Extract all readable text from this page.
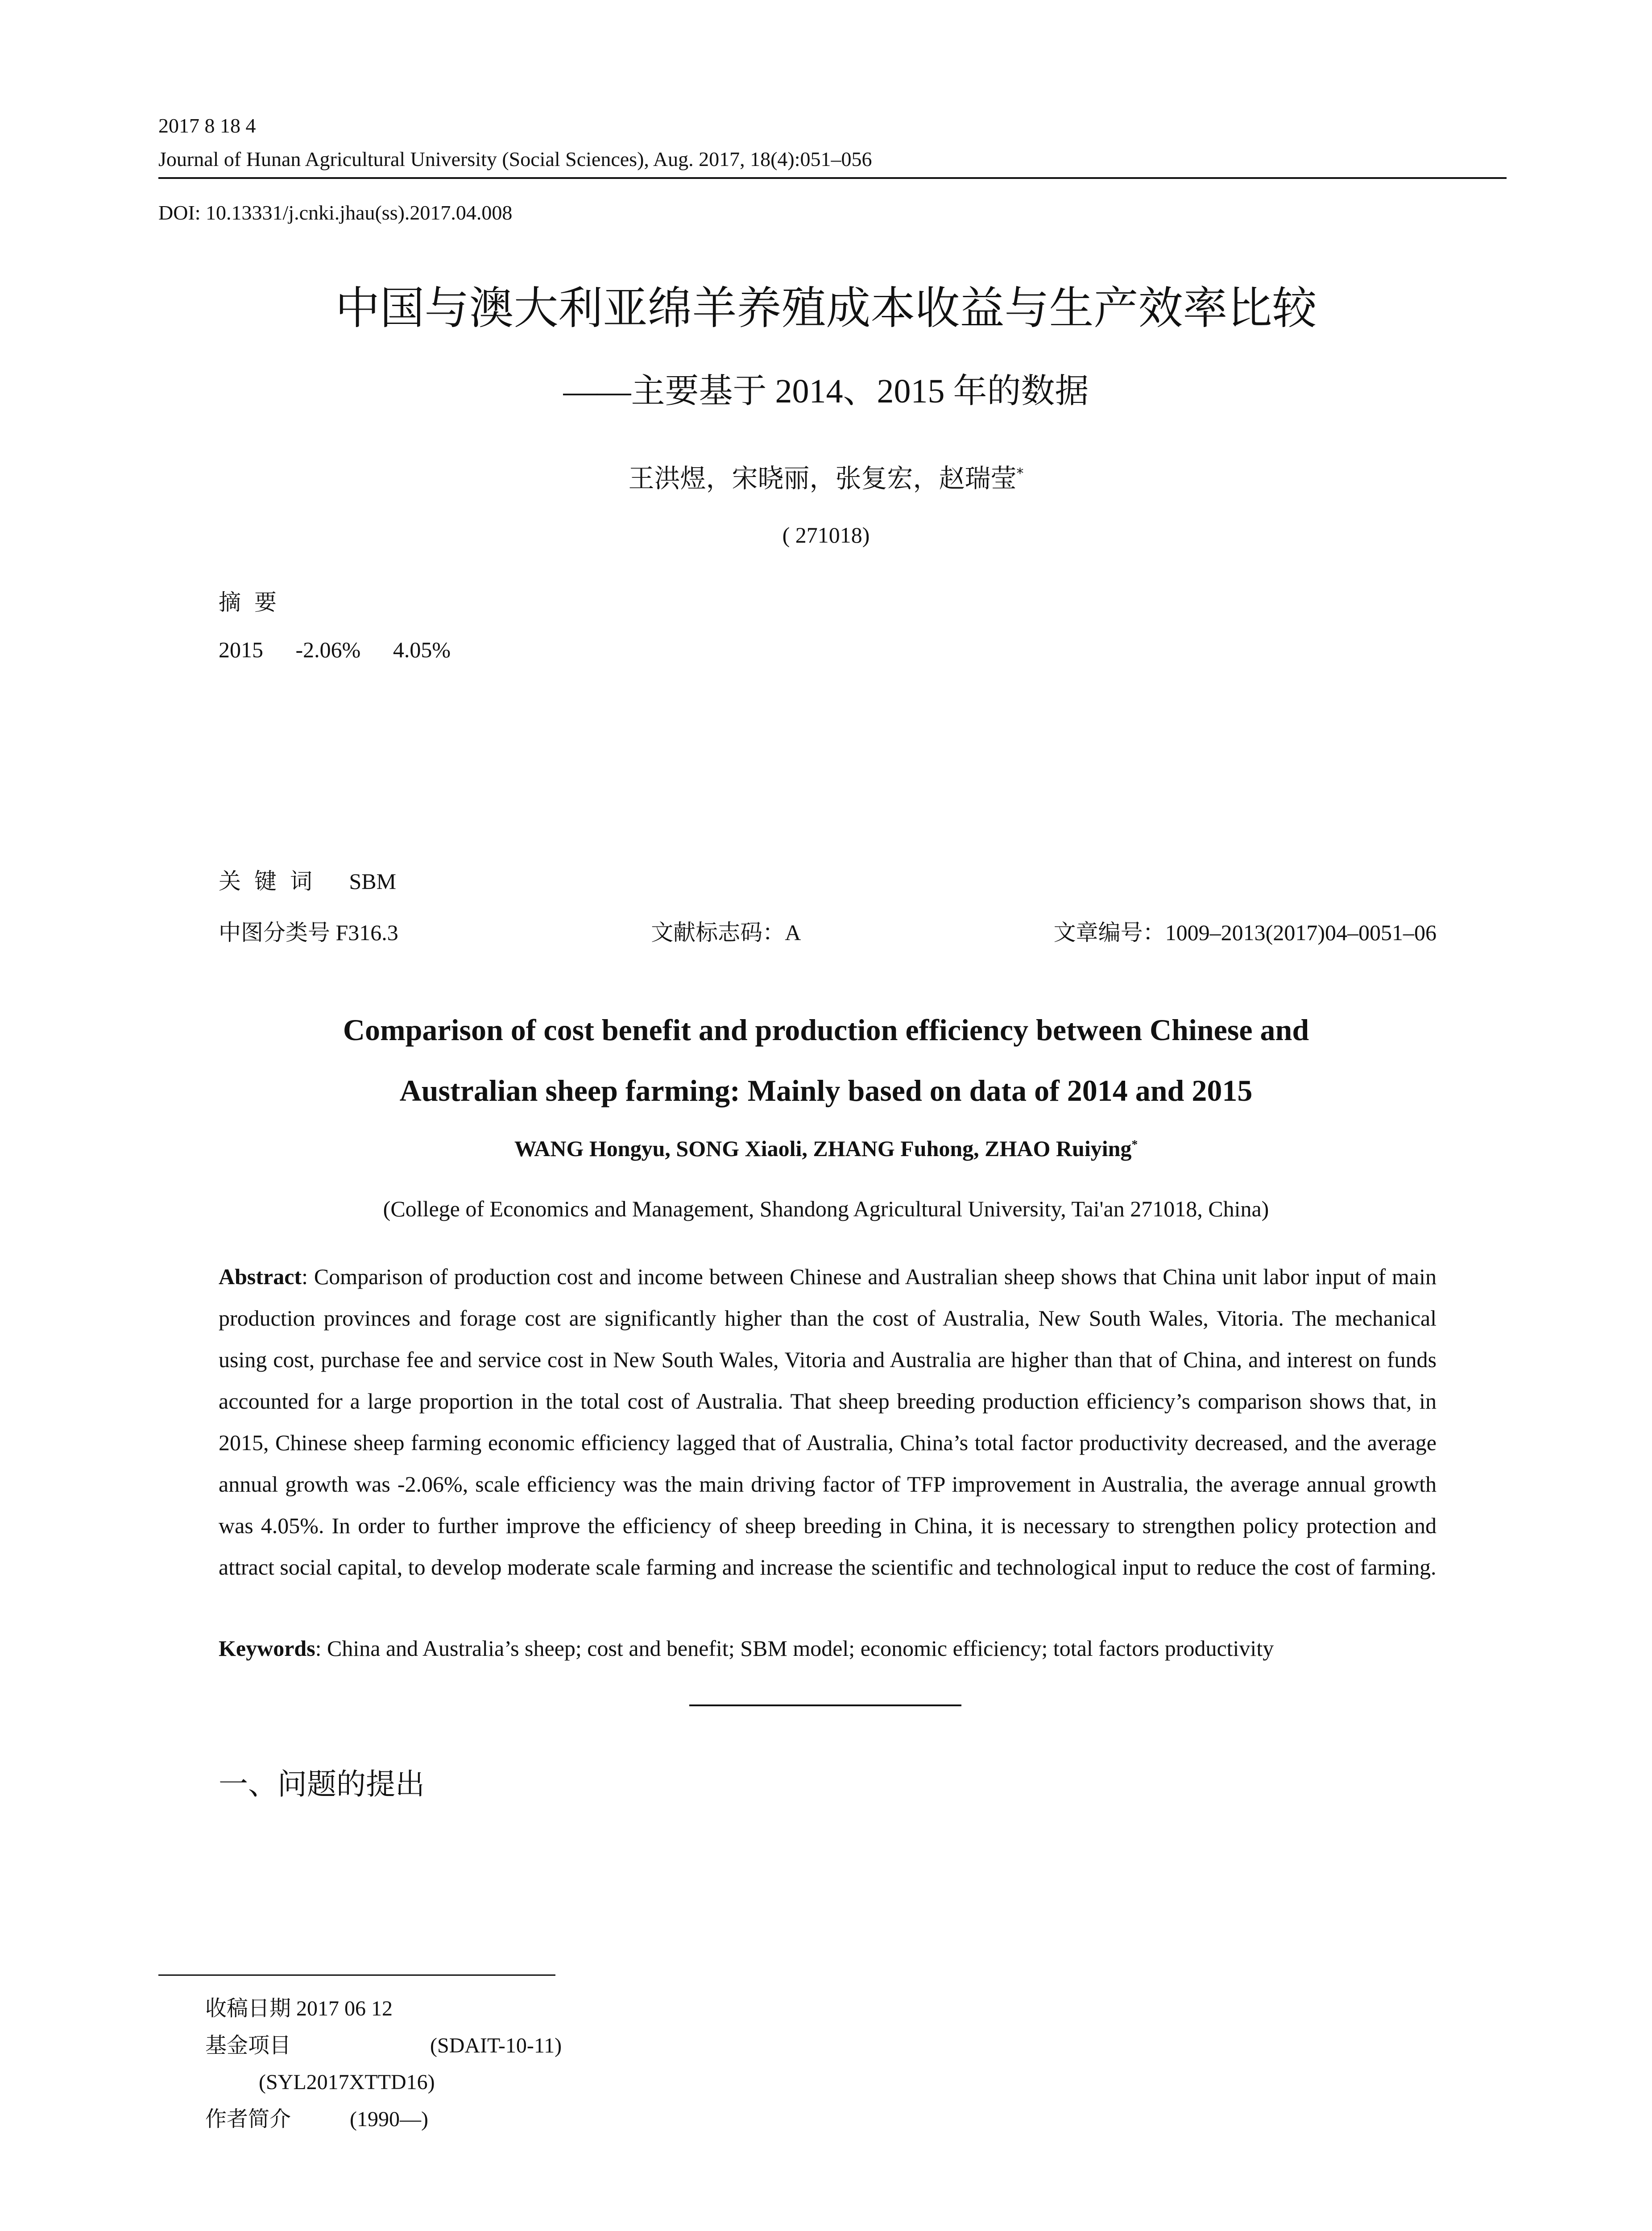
2017 8 18 4
Journal of Hunan Agricultural University (Social Sciences), Aug. 2017, 18(4):051–056
DOI: 10.13331/j.cnki.jhau(ss).2017.04.008
中国与澳大利亚绵羊养殖成本收益与生产效率比较
——主要基于 2014、2015 年的数据
王洪煜，宋晓丽，张复宏，赵瑞莹*
( 271018)
摘要
2015 -2.06% 4.05%
关键词 SBM
中图分类号 F316.3	文献标志码：A	文章编号：1009–2013(2017)04–0051–06
Comparison of cost benefit and production efficiency between Chinese and Australian sheep farming: Mainly based on data of 2014 and 2015
WANG Hongyu, SONG Xiaoli, ZHANG Fuhong, ZHAO Ruiying*
(College of Economics and Management, Shandong Agricultural University, Tai'an 271018, China)
Abstract: Comparison of production cost and income between Chinese and Australian sheep shows that China unit labor input of main production provinces and forage cost are significantly higher than the cost of Australia, New South Wales, Vitoria. The mechanical using cost, purchase fee and service cost in New South Wales, Vitoria and Australia are higher than that of China, and interest on funds accounted for a large proportion in the total cost of Australia. That sheep breeding production efficiency’s comparison shows that, in 2015, Chinese sheep farming economic efficiency lagged that of Australia, China’s total factor productivity decreased, and the average annual growth was -2.06%, scale efficiency was the main driving factor of TFP improvement in Australia, the average annual growth was 4.05%. In order to further improve the efficiency of sheep breeding in China, it is necessary to strengthen policy protection and attract social capital, to develop moderate scale farming and increase the scientific and technological input to reduce the cost of farming.
Keywords: China and Australia’s sheep; cost and benefit; SBM model; economic efficiency; total factors productivity
一、问题的提出
收稿日期 2017 06 12
基金项目	(SDAIT-10-11)
(SYL2017XTTD16)
作者简介	(1990—)
